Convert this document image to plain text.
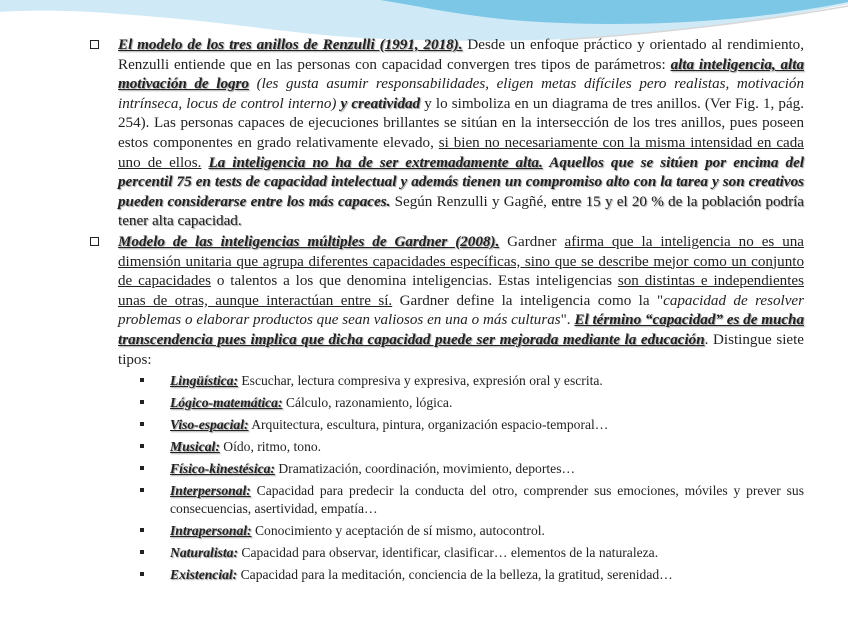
El modelo de los tres anillos de Renzulli (1991, 2018). Desde un enfoque práctico y orientado al rendimiento, Renzulli entiende que en las personas con capacidad convergen tres tipos de parámetros: alta inteligencia, alta motivación de logro (les gusta asumir responsabilidades, eligen metas difíciles pero realistas, motivación intrínseca, locus de control interno) y creatividad y lo simboliza en un diagrama de tres anillos. (Ver Fig. 1, pág. 254). Las personas capaces de ejecuciones brillantes se sitúan en la intersección de los tres anillos, pues poseen estos componentes en grado relativamente elevado, si bien no necesariamente con la misma intensidad en cada uno de ellos. La inteligencia no ha de ser extremadamente alta. Aquellos que se sitúen por encima del percentil 75 en tests de capacidad intelectual y además tienen un compromiso alto con la tarea y son creativos pueden considerarse entre los más capaces. Según Renzulli y Gagñé, entre 15 y el 20 % de la población podría tener alta capacidad.
Modelo de las inteligencias múltiples de Gardner (2008). Gardner afirma que la inteligencia no es una dimensión unitaria que agrupa diferentes capacidades específicas, sino que se describe mejor como un conjunto de capacidades o talentos a los que denomina inteligencias. Estas inteligencias son distintas e independientes unas de otras, aunque interactúan entre sí. Gardner define la inteligencia como la "capacidad de resolver problemas o elaborar productos que sean valiosos en una o más culturas". El término “capacidad” es de mucha transcendencia pues implica que dicha capacidad puede ser mejorada mediante la educación. Distingue siete tipos:
Lingüística: Escuchar, lectura compresiva y expresiva, expresión oral y escrita.
Lógico-matemática: Cálculo, razonamiento, lógica.
Viso-espacial: Arquitectura, escultura, pintura, organización espacio-temporal…
Musical: Oído, ritmo, tono.
Físico-kinestésica: Dramatización, coordinación, movimiento, deportes…
Interpersonal: Capacidad para predecir la conducta del otro, comprender sus emociones, móviles y prever sus consecuencias, asertividad, empatía…
Intrapersonal: Conocimiento y aceptación de sí mismo, autocontrol.
Naturalista: Capacidad para observar, identificar, clasificar… elementos de la naturaleza.
Existencial: Capacidad para la meditación, conciencia de la belleza, la gratitud, serenidad…
